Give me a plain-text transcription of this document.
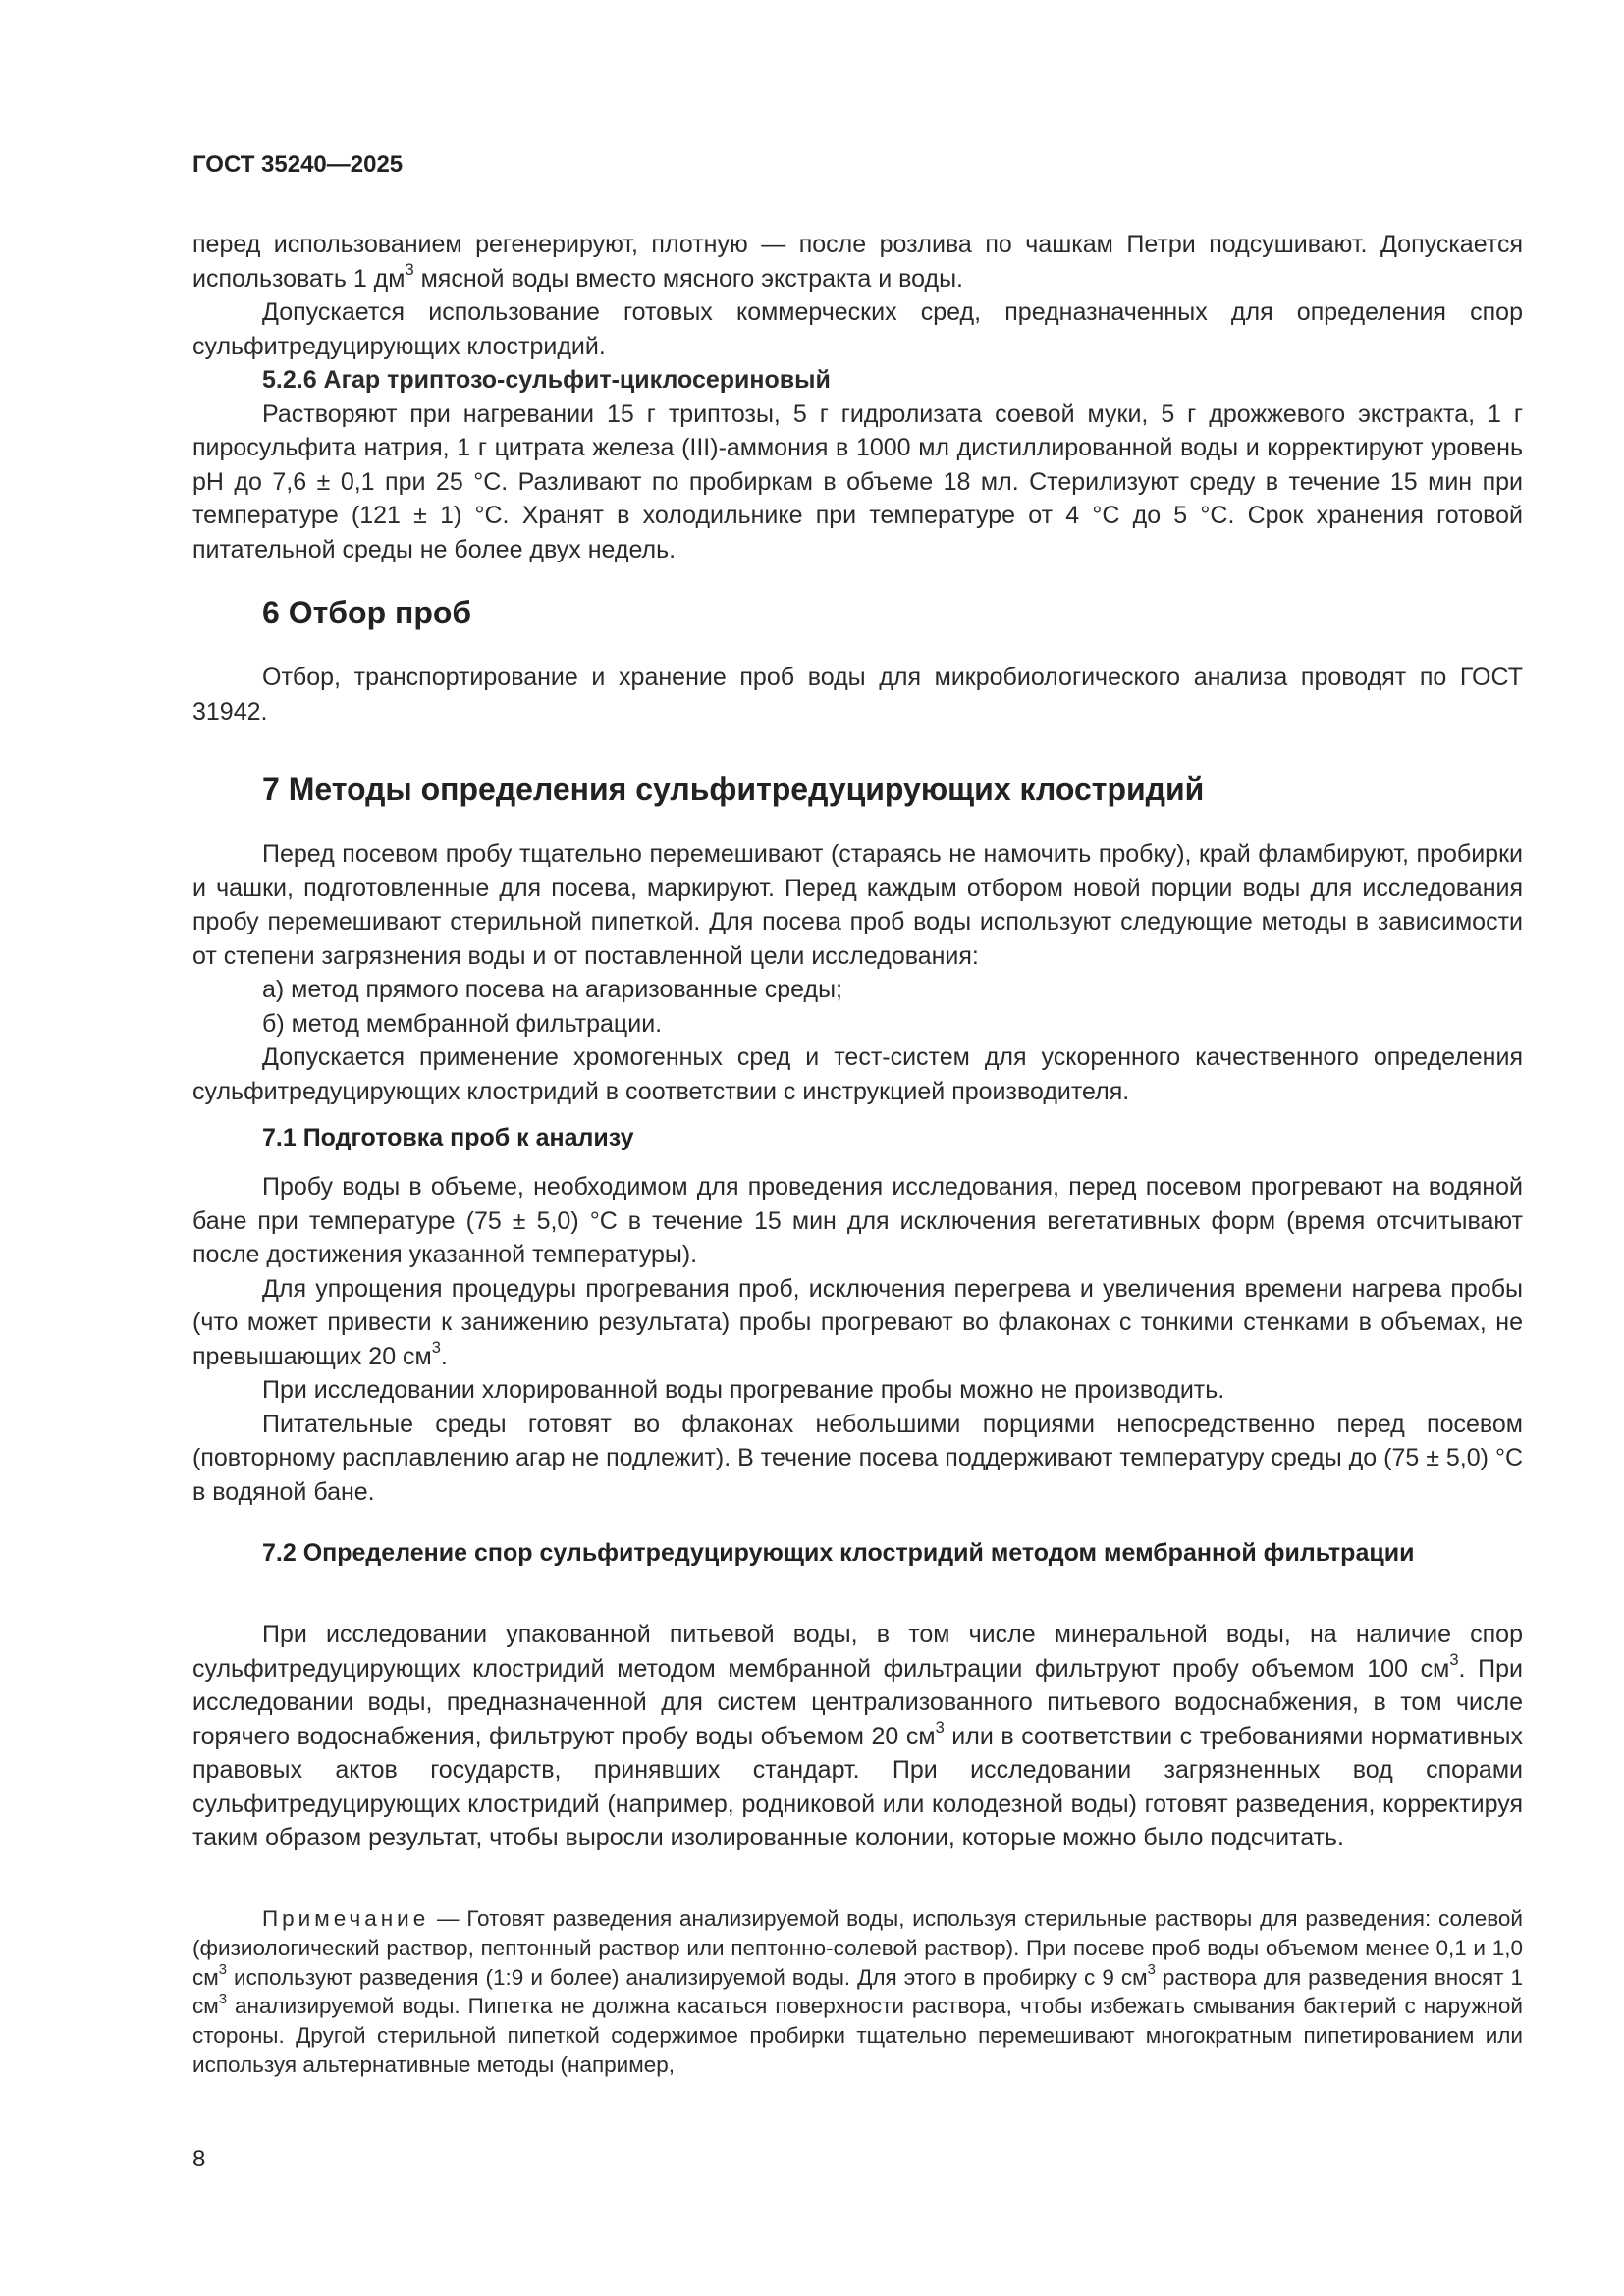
ГОСТ 35240—2025

перед использованием регенерируют, плотную — после розлива по чашкам Петри подсушивают. Допускается использовать 1 $дм^3$ мясной воды вместо мясного экстракта и воды.

Допускается использование готовых коммерческих сред, предназначенных для определения спор сульфитредуцирующих клостридий.

5.2.6 Агар триптозо-сульфит-циклосериновый

Растворяют при нагревании 15 г триптозы, 5 г гидролизата соевой муки, 5 г дрожжевого экстракта, 1 г пиросульфита натрия, 1 г цитрата железа (III)-аммония в 1000 мл дистиллированной воды и корректируют уровень рН до 7,6 ± 0,1 при 25 °C. Разливают по пробиркам в объеме 18 мл. Стерилизуют среду в течение 15 мин при температуре (121 ± 1) °C. Хранят в холодильнике при температуре от 4 °C до 5 °C. Срок хранения готовой питательной среды не более двух недель.

6 Отбор проб

Отбор, транспортирование и хранение проб воды для микробиологического анализа проводят по ГОСТ 31942.

7 Методы определения сульфитредуцирующих клостридий

Перед посевом пробу тщательно перемешивают (стараясь не намочить пробку), край фламбируют, пробирки и чашки, подготовленные для посева, маркируют. Перед каждым отбором новой порции воды для исследования пробу перемешивают стерильной пипеткой. Для посева проб воды используют следующие методы в зависимости от степени загрязнения воды и от поставленной цели исследования:

а) метод прямого посева на агаризованные среды;

б) метод мембранной фильтрации.

Допускается применение хромогенных сред и тест-систем для ускоренного качественного определения сульфитредуцирующих клостридий в соответствии с инструкцией производителя.

7.1 Подготовка проб к анализу

Пробу воды в объеме, необходимом для проведения исследования, перед посевом прогревают на водяной бане при температуре (75 ± 5,0) °C в течение 15 мин для исключения вегетативных форм (время отсчитывают после достижения указанной температуры).

Для упрощения процедуры прогревания проб, исключения перегрева и увеличения времени нагрева пробы (что может привести к занижению результата) пробы прогревают во флаконах с тонкими стенками в объемах, не превышающих 20 $см^3$.

При исследовании хлорированной воды прогревание пробы можно не производить.

Питательные среды готовят во флаконах небольшими порциями непосредственно перед посевом (повторному расплавлению агар не подлежит). В течение посева поддерживают температуру среды до (75 ± 5,0) °C в водяной бане.

7.2 Определение спор сульфитредуцирующих клостридий методом мембранной фильтрации

При исследовании упакованной питьевой воды, в том числе минеральной воды, на наличие спор сульфитредуцирующих клостридий методом мембранной фильтрации фильтруют пробу объемом 100 $см^3$. При исследовании воды, предназначенной для систем централизованного питьевого водоснабжения, в том числе горячего водоснабжения, фильтруют пробу воды объемом 20 $см^3$ или в соответствии с требованиями нормативных правовых актов государств, принявших стандарт. При исследовании загрязненных вод спорами сульфитредуцирующих клостридий (например, родниковой или колодезной воды) готовят разведения, корректируя таким образом результат, чтобы выросли изолированные колонии, которые можно было подсчитать.

Примечание — Готовят разведения анализируемой воды, используя стерильные растворы для разведения: солевой (физиологический раствор, пептонный раствор или пептонно-солевой раствор). При посеве проб воды объемом менее 0,1 и 1,0 $см^3$ используют разведения (1:9 и более) анализируемой воды. Для этого в пробирку с 9 $см^3$ раствора для разведения вносят 1 $см^3$ анализируемой воды. Пипетка не должна касаться поверхности раствора, чтобы избежать смывания бактерий с наружной стороны. Другой стерильной пипеткой содержимое пробирки тщательно перемешивают многократным пипетированием или используя альтернативные методы (например,

8
